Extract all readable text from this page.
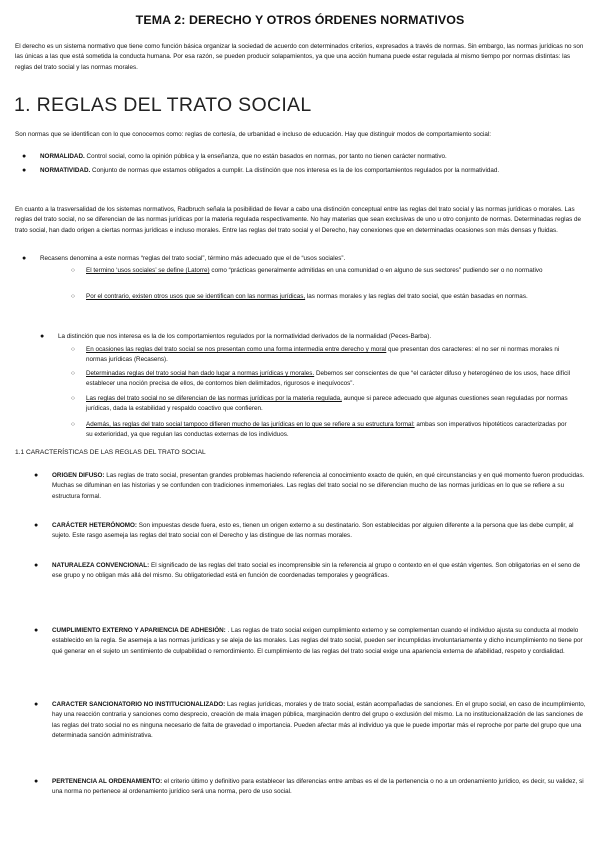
TEMA 2: DERECHO Y OTROS ÓRDENES NORMATIVOS
El derecho es un sistema normativo que tiene como función básica organizar la sociedad de acuerdo con determinados criterios, expresados a través de normas. Sin embargo, las normas jurídicas no son las únicas a las que está sometida la conducta humana. Por esa razón, se pueden producir solapamientos, ya que una acción humana puede estar regulada al mismo tiempo por normas distintas: las reglas del trato social y las normas morales.
1. REGLAS DEL TRATO SOCIAL
Son normas que se identifican con lo que conocemos como: reglas de cortesía, de urbanidad e incluso de educación. Hay que distinguir modos de comportamiento social:
● NORMALIDAD. Control social, como la opinión pública y la enseñanza, que no están basados en normas, por tanto no tienen carácter normativo.
● NORMATIVIDAD. Conjunto de normas que estamos obligados a cumplir. La distinción que nos interesa es la de los comportamientos regulados por la normatividad.
En cuanto a la trasversalidad de los sistemas normativos, Radbruch señala la posibilidad de llevar a cabo una distinción conceptual entre las reglas del trato social y las normas jurídicas o morales. Las reglas del trato social, no se diferencian de las normas jurídicas por la materia regulada respectivamente. No hay materias que sean exclusivas de uno u otro conjunto de normas. Determinadas reglas de trato social, han dado origen a ciertas normas jurídicas e incluso morales. Entre las reglas del trato social y el Derecho, hay conexiones que en determinadas ocasiones son más densas y fluidas.
● Recasens denomina a este normas “reglas del trato social”, término más adecuado que el de “usos sociales”.
○ El termino ‘usos sociales’ se define (Latorre) como “prácticas generalmente admitidas en una comunidad o en alguno de sus sectores” pudiendo ser o no normativo
○ Por el contrario, existen otros usos que se identifican con las normas jurídicas, las normas morales y las reglas del trato social, que están basadas en normas.
● La distinción que nos interesa es la de los comportamientos regulados por la normatividad derivados de la normalidad (Peces-Barba).
○ En ocasiones las reglas del trato social se nos presentan como una forma intermedia entre derecho y moral que presentan dos caracteres: el no ser ni normas morales ni normas jurídicas (Recasens).
○ Determinadas reglas del trato social han dado lugar a normas jurídicas y morales. Debemos ser conscientes de que “el carácter difuso y heterogéneo de los usos, hace difícil establecer una noción precisa de ellos, de contornos bien delimitados, rigurosos e inequívocos”.
○ Las reglas del trato social no se diferencian de las normas jurídicas por la materia regulada, aunque si parece adecuado que algunas cuestiones sean reguladas por normas jurídicas, dada la estabilidad y respaldo coactivo que confieren.
○ Además, las reglas del trato social tampoco difieren mucho de las jurídicas en lo que se refiere a su estructura formal: ambas son imperativos hipotéticos caracterizadas por su exterioridad, ya que regulan las conductas externas de los individuos.
1.1 CARACTERÍSTICAS DE LAS REGLAS DEL TRATO SOCIAL
● ORIGEN DIFUSO: Las reglas de trato social, presentan grandes problemas haciendo referencia al conocimiento exacto de quién, en qué circunstancias y en qué momento fueron producidas. Muchas se difuminan en las historias y se confunden con tradiciones inmemoriales. Las reglas del trato social no se diferencian mucho de las normas jurídicas en lo que se refiere a su estructura formal.
● CARÁCTER HETERÓNOMO: Son impuestas desde fuera, esto es, tienen un origen externo a su destinatario. Son establecidas por alguien diferente a la persona que las debe cumplir, al sujeto. Este rasgo asemeja las reglas del trato social con el Derecho y las distingue de las normas morales.
● NATURALEZA CONVENCIONAL: El significado de las reglas del trato social es incomprensible sin la referencia al grupo o contexto en el que están vigentes. Son obligatorias en el seno de ese grupo y no obligan más allá del mismo. Su obligatoriedad está en función de coordenadas temporales y geográficas.
● CUMPLIMIENTO EXTERNO Y APARIENCIA DE ADHESIÓN: . Las reglas de trato social exigen cumplimiento externo y se complementan cuando el individuo ajusta su conducta al modelo establecido en la regla. Se asemeja a las normas jurídicas y se aleja de las morales. Las reglas del trato social, pueden ser incumplidas involuntariamente y dicho incumplimiento no tiene por qué generar en el sujeto un sentimiento de culpabilidad o remordimiento. El cumplimiento de las reglas del trato social exige una apariencia externa de afabilidad, respeto y cordialidad.
● CARACTER SANCIONATORIO NO INSTITUCIONALIZADO: Las reglas jurídicas, morales y de trato social, están acompañadas de sanciones. En el grupo social, en caso de incumplimiento, hay una reacción contraria y sanciones como desprecio, creación de mala imagen pública, marginación dentro del grupo o exclusión del mismo. La no institucionalización de las sanciones de las reglas del trato social no es ninguna necesario de falta de gravedad o importancia. Pueden afectar más al individuo ya que le puede importar más el reproche por parte del grupo que una determinada sanción administrativa.
● PERTENENCIA AL ORDENAMIENTO: el criterio último y definitivo para establecer las diferencias entre ambas es el de la pertenencia o no a un ordenamiento jurídico, es decir, su validez, si una norma no pertenece al ordenamiento jurídico será una norma, pero de uso social.
